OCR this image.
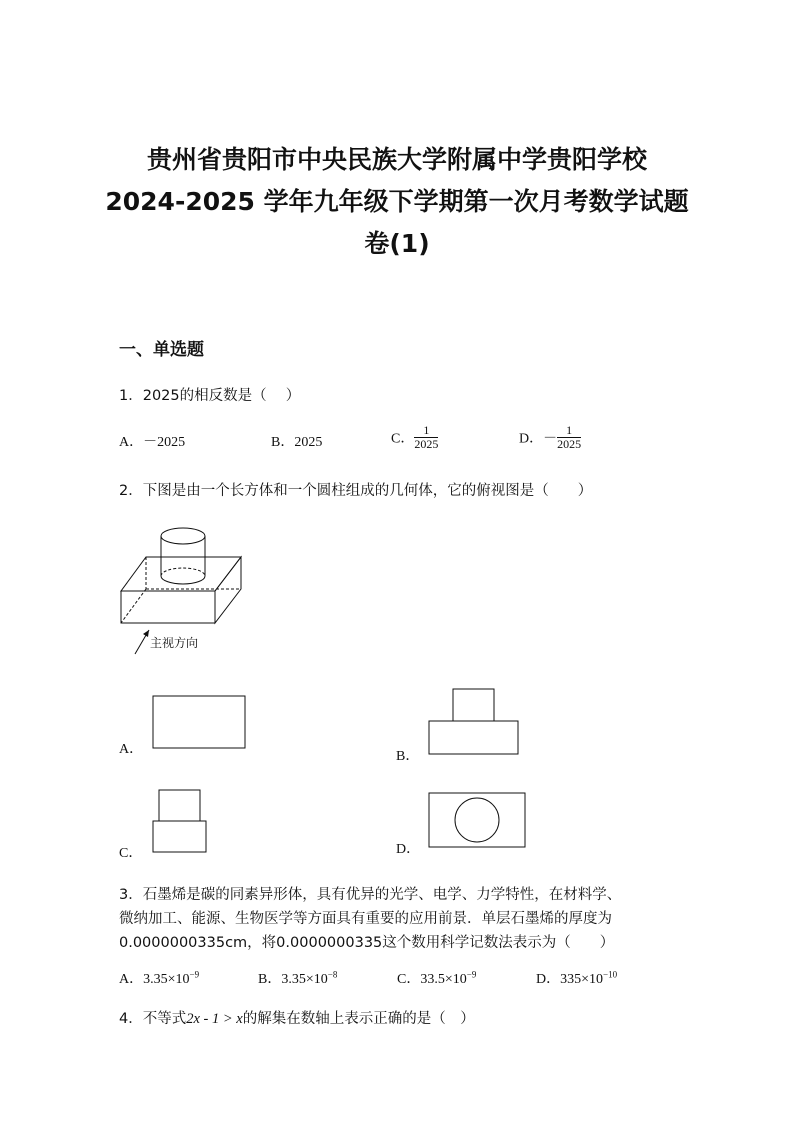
贵州省贵阳市中央民族大学附属中学贵阳学校
2024-2025 学年九年级下学期第一次月考数学试题
卷(1)
一、单选题
1．2025的相反数是（　 ）
A．－2025	B．2025	C． $\frac{1}{2025}$	D．－ $\frac{1}{2025}$
2．下图是由一个长方体和一个圆柱组成的几何体，它的俯视图是（　　）
主视方向
A．	B．
C．	D．
3．石墨烯是碳的同素异形体，具有优异的光学、电学、力学特性，在材料学、
微纳加工、能源、生物医学等方面具有重要的应用前景．单层石墨烯的厚度为
0.0000000335cm，将0.0000000335这个数用科学记数法表示为（　　）
A．$3.35\times 10^{-9}$	B．$3.35\times 10^{-8}$	C．$33.5\times 10^{-9}$	D．$335\times 10^{-10}$
4．不等式2x - 1 > x的解集在数轴上表示正确的是（　）
